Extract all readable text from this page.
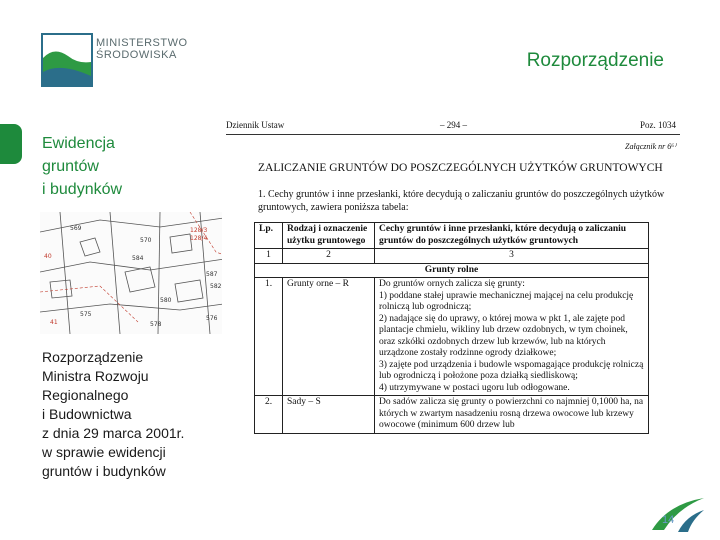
MINISTERSTWO
ŚRODOWISKA	Rozporządzenie
Ewidencja
gruntów
i budynków
128/3
128/4
40
41
584
587
582
580
575
576
578
569
570
Rozporządzenie
Ministra Rozwoju
Regionalnego
i Budownictwa
z dnia 29 marca 2001r.
w sprawie ewidencji
gruntów i budynków
Dziennik Ustaw	– 294 –	Poz. 1034
Załącznik nr 6⁶⁾
ZALICZANIE GRUNTÓW DO POSZCZEGÓLNYCH UŻYTKÓW GRUNTOWYCH
1. Cechy gruntów i inne przesłanki, które decydują o zaliczaniu gruntów do poszczególnych użytków gruntowych, zawiera poniższa tabela:
Lp.	Rodzaj i oznaczenie użytku gruntowego	Cechy gruntów i inne przesłanki, które decydują o zaliczaniu gruntów do poszczególnych użytków gruntowych
1	2	3
Grunty rolne		
1.	Grunty orne – R	Do gruntów ornych zalicza się grunty:
1) poddane stałej uprawie mechanicznej mającej na celu produkcję rolniczą lub ogrodniczą;
2) nadające się do uprawy, o której mowa w pkt 1, ale zajęte pod plantacje chmielu, wikliny lub drzew ozdobnych, w tym choinek, oraz szkółki ozdobnych drzew lub krzewów, lub na których urządzone zostały rodzinne ogrody działkowe;
3) zajęte pod urządzenia i budowle wspomagające produkcję rolniczą lub ogrodniczą i położone poza działką siedliskową;
4) utrzymywane w postaci ugoru lub odłogowane.

2.	Sady – S	Do sadów zalicza się grunty o powierzchni co najmniej 0,1000 ha, na których w zwartym nasadzeniu rosną drzewa owocowe lub krzewy owocowe (minimum 600 drzew lub
14
